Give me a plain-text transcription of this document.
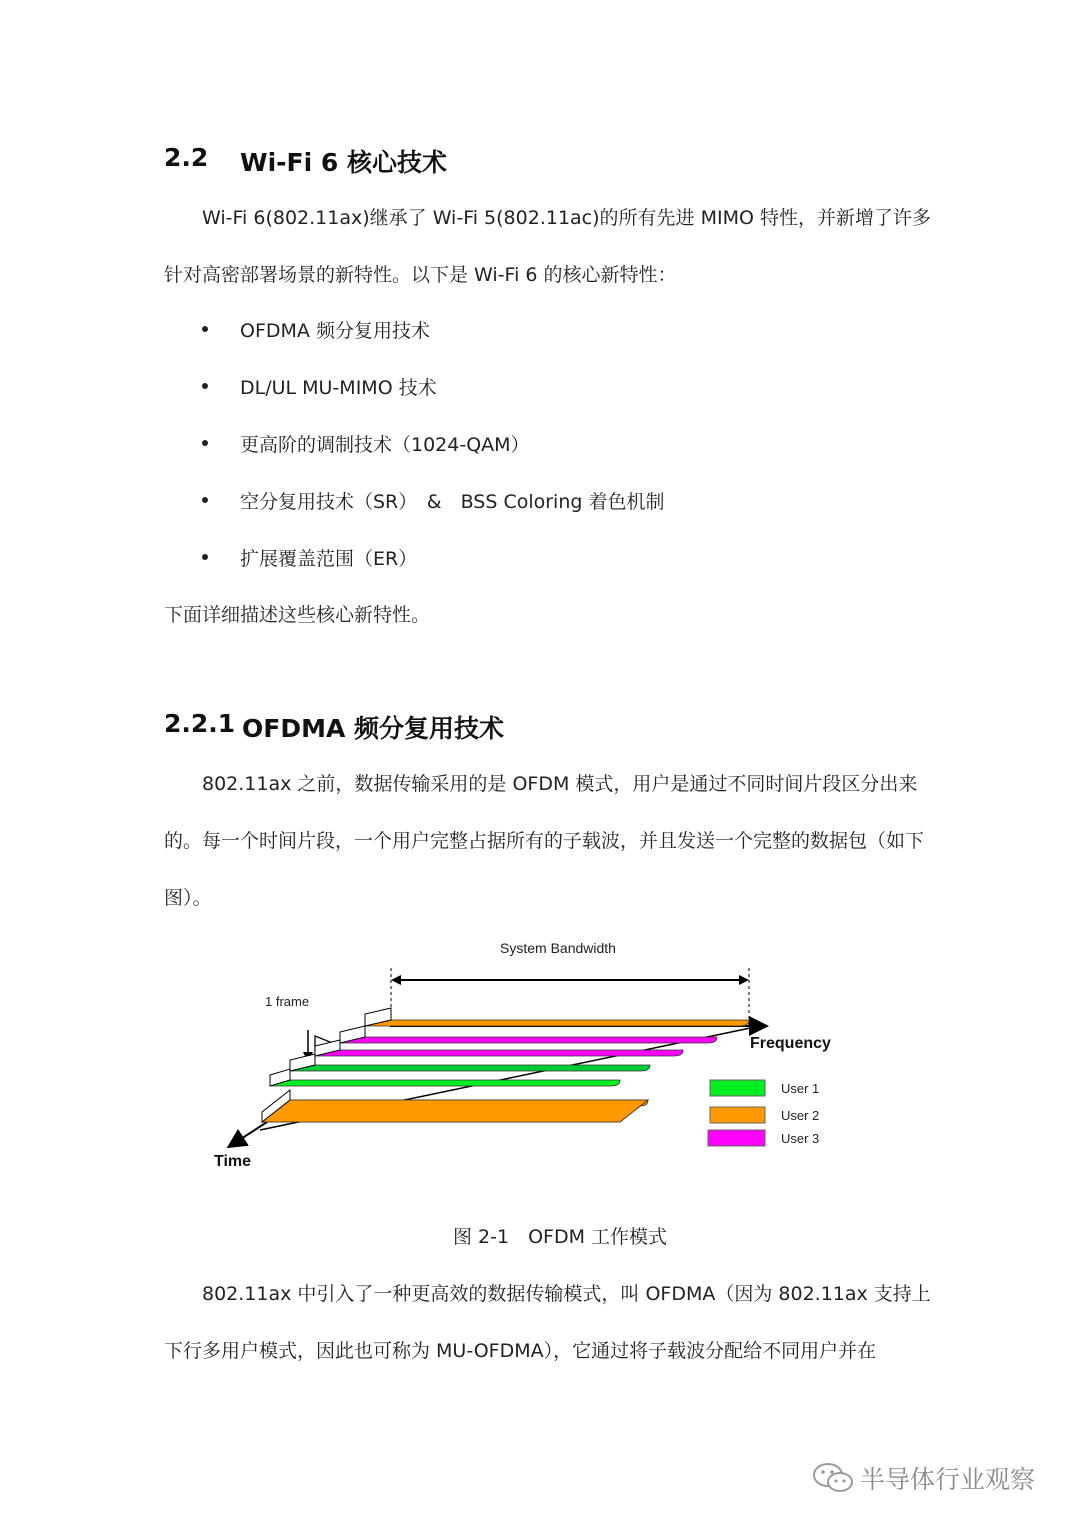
2.2 Wi-Fi 6 核心技术
Wi-Fi 6(802.11ax)继承了 Wi-Fi 5(802.11ac)的所有先进 MIMO 特性，并新增了许多
针对高密部署场景的新特性。以下是 Wi-Fi 6 的核心新特性：
OFDMA 频分复用技术
DL/UL MU-MIMO 技术
更高阶的调制技术（1024-QAM）
空分复用技术（SR）　&　BSS Coloring 着色机制
扩展覆盖范围（ER）
下面详细描述这些核心新特性。
2.2.1 OFDMA 频分复用技术
802.11ax 之前，数据传输采用的是 OFDM 模式，用户是通过不同时间片段区分出来
的。每一个时间片段，一个用户完整占据所有的子载波，并且发送一个完整的数据包（如下
图）。
System Bandwidth
Frequency
Time
1 frame
User 1
User 2
User 3
图 2-1　OFDM 工作模式
802.11ax 中引入了一种更高效的数据传输模式，叫 OFDMA（因为 802.11ax 支持上
下行多用户模式，因此也可称为 MU-OFDMA），它通过将子载波分配给不同用户并在
半导体行业观察
